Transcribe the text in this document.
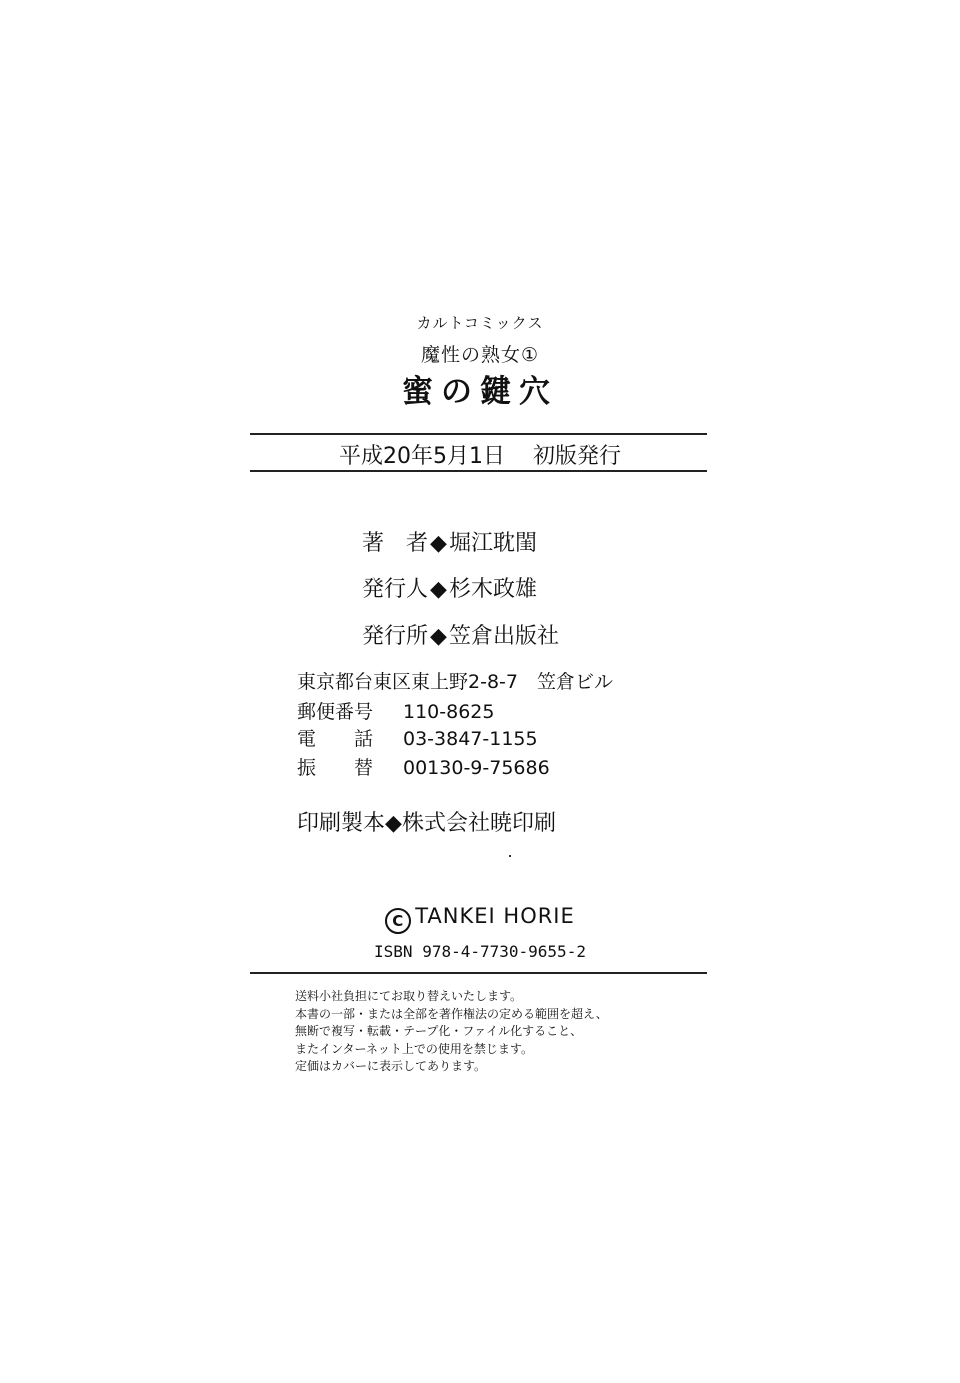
カルトコミックス
魔性の熟女①
蜜の鍵穴
平成20年5月1日 初版発行
著　者◆堀江耽閨
発行人◆杉木政雄
発行所◆笠倉出版社
東京都台東区東上野2-8-7　笠倉ビル
郵便番号 110-8625
電　　話 03-3847-1155
振　　替 00130-9-75686
印刷製本◆株式会社暁印刷
C TANKEI HORIE
ISBN 978-4-7730-9655-2
送料小社負担にてお取り替えいたします。
本書の一部・または全部を著作権法の定める範囲を超え、
無断で複写・転載・テープ化・ファイル化すること、
またインターネット上での使用を禁じます。
定価はカバーに表示してあります。
